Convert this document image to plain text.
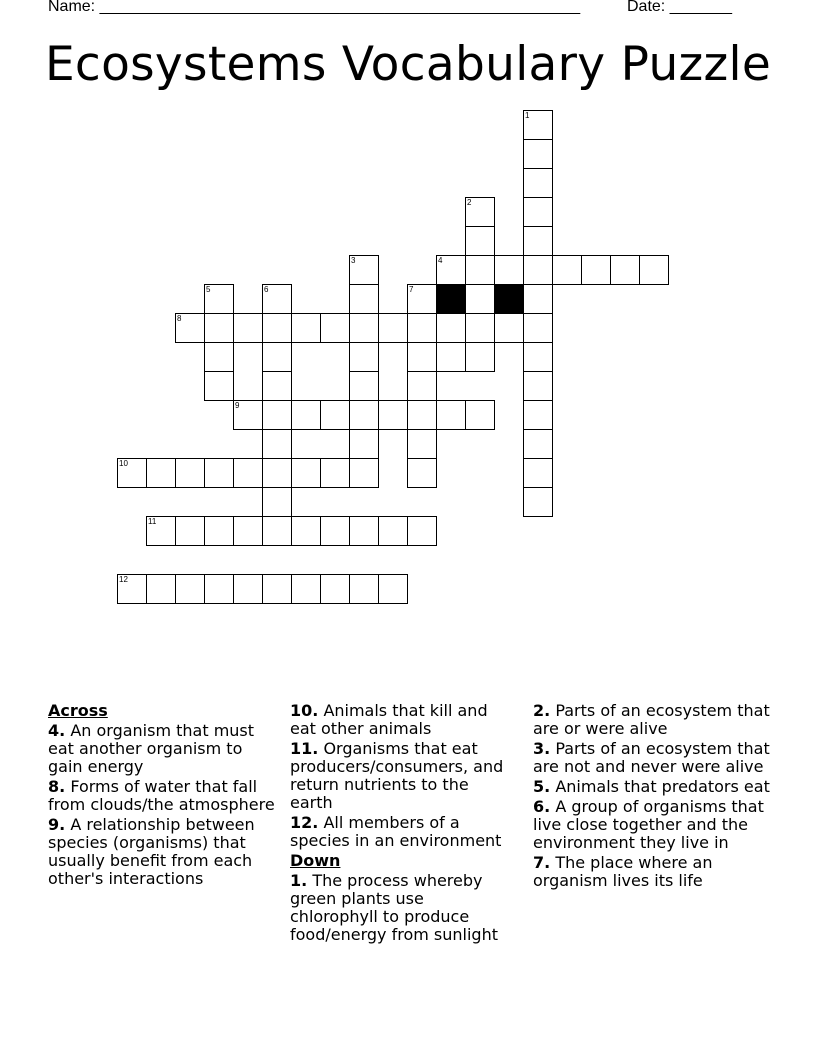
Name: ______________________________________________________	Date: _______
Ecosystems Vocabulary Puzzle
1
2
4
3
5	6	7
8
9
10
11
12
Across
4. An organism that must eat another organism to gain energy
8. Forms of water that fall from clouds/the atmosphere
9. A relationship between species (organisms) that usually benefit from each other's interactions
10. Animals that kill and eat other animals
11. Organisms that eat producers/consumers, and return nutrients to the earth
12. All members of a species in an environment
Down
1. The process whereby green plants use chlorophyll to produce food/energy from sunlight
2. Parts of an ecosystem that are or were alive
3. Parts of an ecosystem that are not and never were alive
5. Animals that predators eat
6. A group of organisms that live close together and the environment they live in
7. The place where an organism lives its life
